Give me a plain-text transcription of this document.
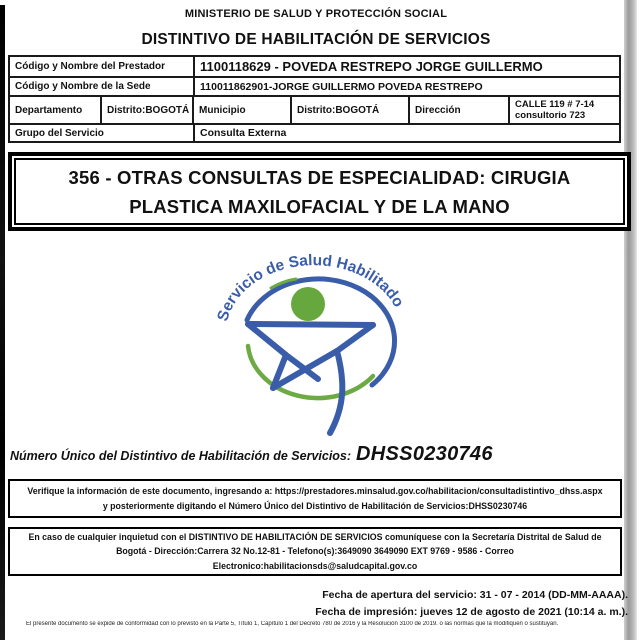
MINISTERIO DE SALUD Y PROTECCIÓN SOCIAL
DISTINTIVO DE HABILITACIÓN DE SERVICIOS
Código y Nombre del Prestador	1100118629 - POVEDA RESTREPO JORGE GUILLERMO
Código y Nombre de la Sede	110011862901-JORGE GUILLERMO POVEDA RESTREPO
Departamento	Distrito:BOGOTÁ Municipio	Distrito:BOGOTÁ	Dirección	CALLE 119 # 7-14
consultorio 723
Grupo del Servicio	Consulta Externa
356 - OTRAS CONSULTAS DE ESPECIALIDAD: CIRUGIA
PLASTICA MAXILOFACIAL Y DE LA MANO
Servicio de Salud Habilitado
Número Único del Distintivo de Habilitación de Servicios: DHSS0230746
Verifique la información de este documento, ingresando a: https://prestadores.minsalud.gov.co/habilitacion/consultadistintivo_dhss.aspx
y posteriormente digitando el Número Único del Distintivo de Habilitación de Servicios:DHSS0230746
En caso de cualquier inquietud con el DISTINTIVO DE HABILITACIÓN DE SERVICIOS comuníquese con la Secretaría Distrital de Salud de
Bogotá - Dirección:Carrera 32 No.12-81 - Telefono(s):3649090 3649090 EXT 9769 - 9586 - Correo
Electronico:habilitacionsds@saludcapital.gov.co
Fecha de apertura del servicio: 31 - 07 - 2014 (DD-MM-AAAA).
Fecha de impresión: jueves 12 de agosto de 2021 (10:14 a. m.).
El presente documento se expide de conformidad con lo previsto en la Parte 5, Título 1, Capítulo 1 del Decreto 780 de 2016 y la Resolución 3100 de 2019. o las normas que la modifiquen o sustituyan.
